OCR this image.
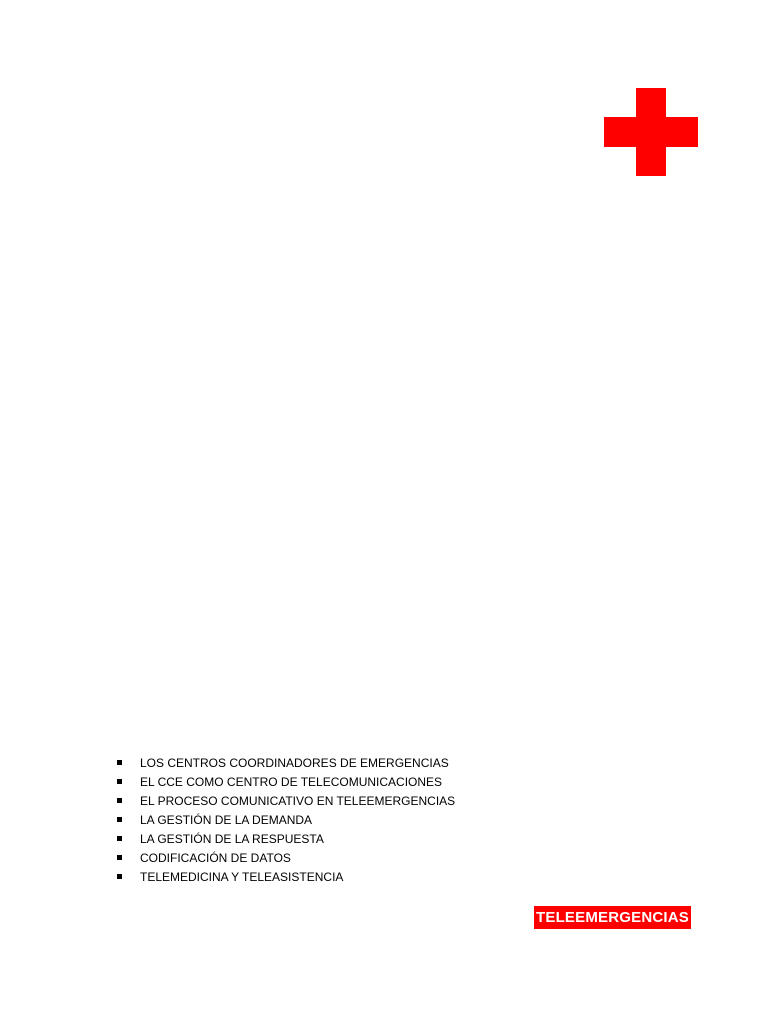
LOS CENTROS COORDINADORES DE EMERGENCIAS
EL CCE COMO CENTRO DE TELECOMUNICACIONES
EL PROCESO COMUNICATIVO EN TELEEMERGENCIAS
LA GESTIÓN DE LA DEMANDA
LA GESTIÓN DE LA RESPUESTA
CODIFICACIÓN DE DATOS
TELEMEDICINA Y TELEASISTENCIA
TELEEMERGENCIAS
